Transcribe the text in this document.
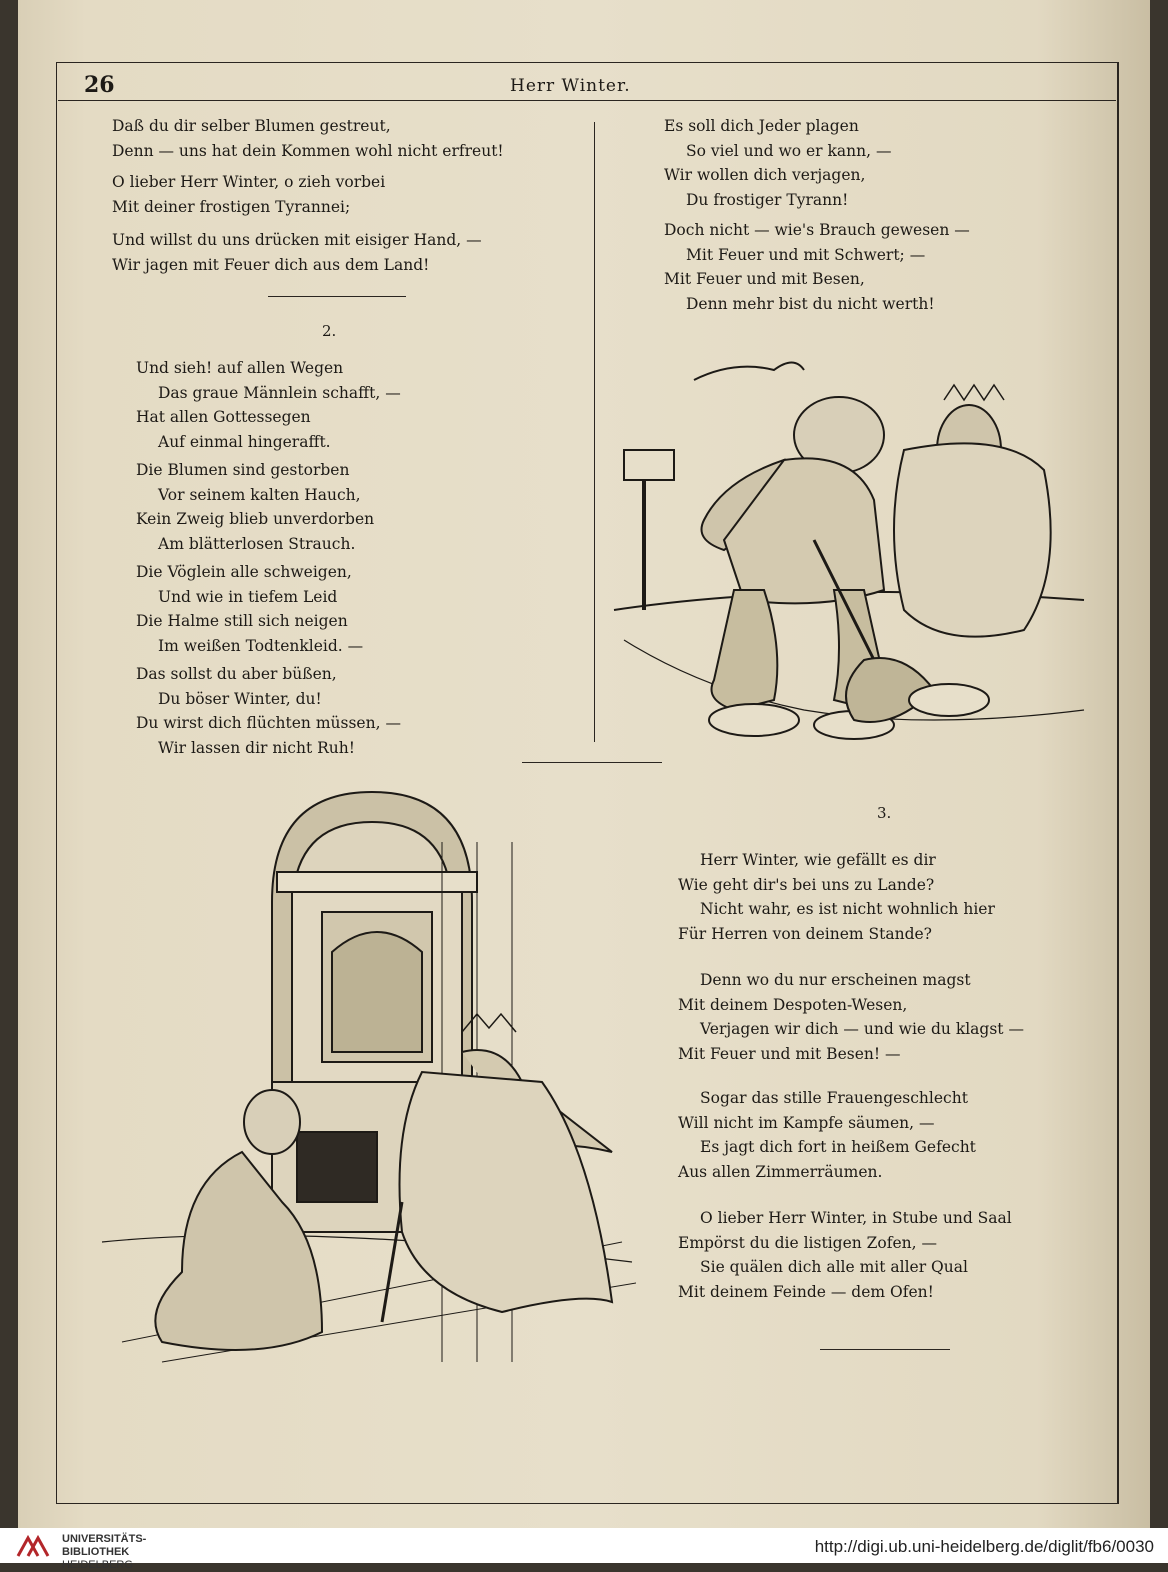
26	Herr Winter.
Daß du dir selber Blumen gestreut,
Denn — uns hat dein Kommen wohl nicht erfreut!
O lieber Herr Winter, o zieh vorbei
Mit deiner frostigen Tyrannei;
Und willst du uns drücken mit eisiger Hand, —
Wir jagen mit Feuer dich aus dem Land!
2.
Und sieh! auf allen Wegen
Das graue Männlein schafft, —
Hat allen Gottessegen
Auf einmal hingerafft.
Die Blumen sind gestorben
Vor seinem kalten Hauch,
Kein Zweig blieb unverdorben
Am blätterlosen Strauch.
Die Vöglein alle schweigen,
Und wie in tiefem Leid
Die Halme still sich neigen
Im weißen Todtenkleid. —
Das sollst du aber büßen,
Du böser Winter, du!
Du wirst dich flüchten müssen, —
Wir lassen dir nicht Ruh!
Es soll dich Jeder plagen
So viel und wo er kann, —
Wir wollen dich verjagen,
Du frostiger Tyrann!
Doch nicht — wie's Brauch gewesen —
Mit Feuer und mit Schwert; —
Mit Feuer und mit Besen,
Denn mehr bist du nicht werth!
3.
Herr Winter, wie gefällt es dir
Wie geht dir's bei uns zu Lande?
Nicht wahr, es ist nicht wohnlich hier
Für Herren von deinem Stande?
Denn wo du nur erscheinen magst
Mit deinem Despoten-Wesen,
Verjagen wir dich — und wie du klagst —
Mit Feuer und mit Besen! —
Sogar das stille Frauengeschlecht
Will nicht im Kampfe säumen, —
Es jagt dich fort in heißem Gefecht
Aus allen Zimmerräumen.
O lieber Herr Winter, in Stube und Saal
Empörst du die listigen Zofen, —
Sie quälen dich alle mit aller Qual
Mit deinem Feinde — dem Ofen!
UNIVERSITÄTS-
BIBLIOTHEK
HEIDELBERG
http://digi.ub.uni-heidelberg.de/diglit/fb6/0030
